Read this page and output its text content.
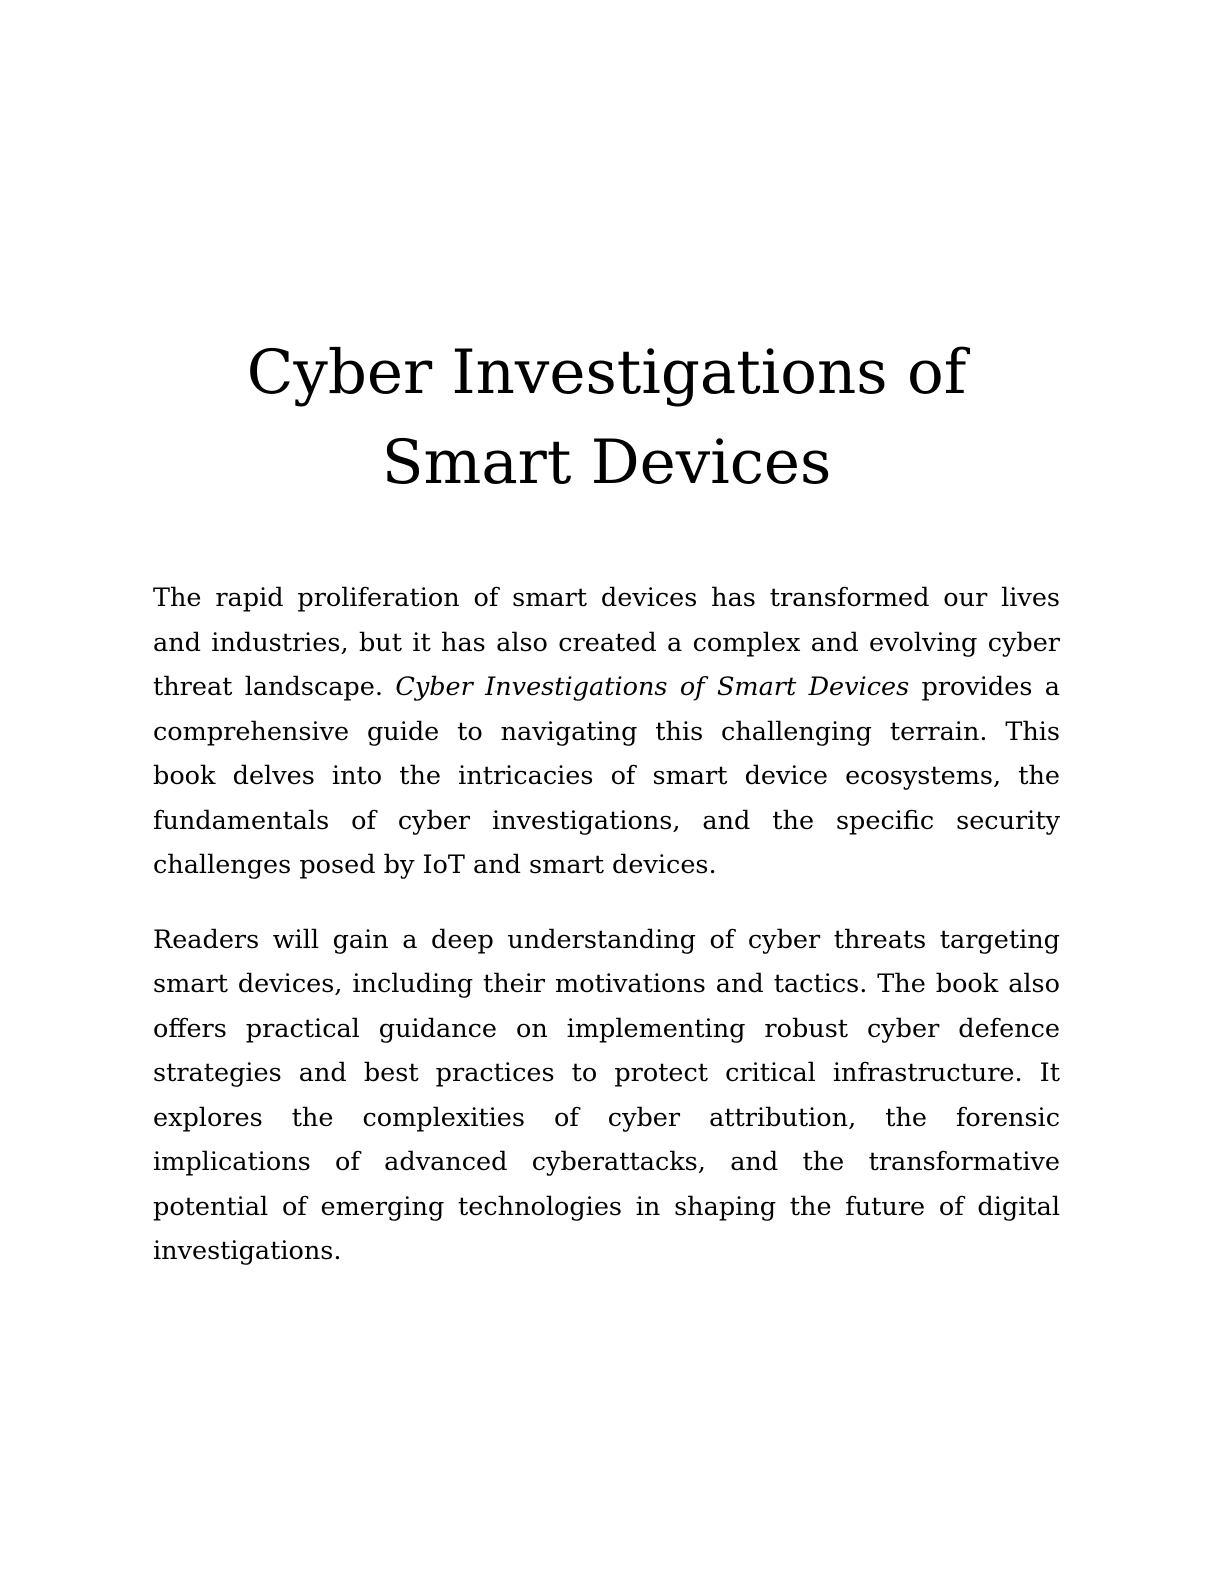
Cyber Investigations of Smart Devices

The rapid proliferation of smart devices has transformed our lives and industries, but it has also created a complex and evolving cyber threat landscape. Cyber Investigations of Smart Devices provides a comprehensive guide to navigating this challenging terrain. This book delves into the intricacies of smart device ecosystems, the fundamentals of cyber investigations, and the specific security challenges posed by IoT and smart devices.

Readers will gain a deep understanding of cyber threats targeting smart devices, including their motivations and tactics. The book also offers practical guidance on implementing robust cyber defence strategies and best practices to protect critical infrastructure. It explores the complexities of cyber attribution, the forensic implications of advanced cyberattacks, and the transformative potential of emerging technologies in shaping the future of digital investigations.
